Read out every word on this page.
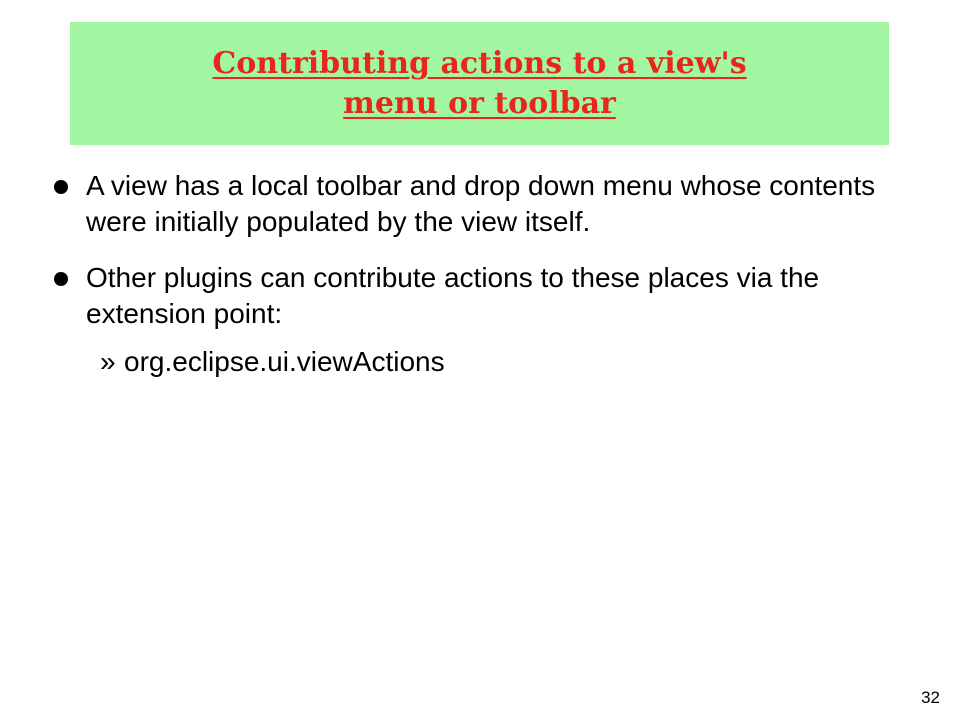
Contributing actions to a view's
menu or toolbar
A view has a local toolbar and drop down menu whose contents were initially populated by the view itself.
Other plugins can contribute actions to these places via the extension point:
» org.eclipse.ui.viewActions
32
